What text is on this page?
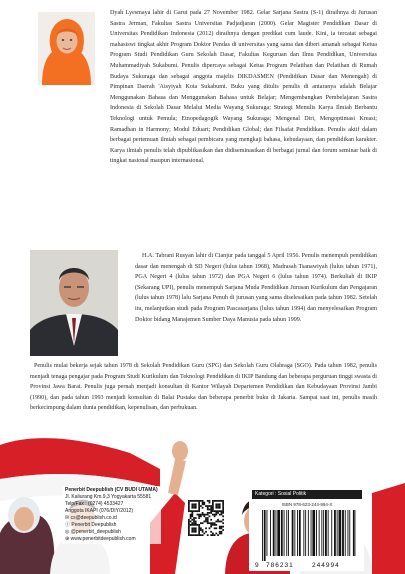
Dyah Lyesmaya lahir di Garut pada 27 November 1982. Gelar Sarjana Sastra (S-1) diraihnya di Jurusan Sastra Jerman, Fakultas Sastra Universitas Padjadjaran (2000). Gelar Magister Pendidikan Dasar di Universitas Pendidikan Indonesia (2012) diraihnya dengan predikat cum laude. Kini, ia tercatat sebagai mahasiswi tingkat akhir Program Doktor Pendas di universitas yang sama dan diberi amanah sebagai Ketua Program Studi Pendidikan Guru Sekolah Dasar, Fakultas Keguruan dan Ilmu Pendidikan, Universitas Muhammadiyah Sukabumi. Penulis dipercaya sebagai Ketua Program Pelatihan dan Pelatihan di Rumah Budaya Sukuraga dan sebagai anggota majelis DIKDASMEN (Pendidikan Dasar dan Menengah) di Pimpinan Daerah 'Aisyiyah Kota Sukabumi. Buku yang ditulis penulis di antaranya adalah Belajar Menggunakan Bahasa dan Menggunakan Bahasa untuk Belajar; Mengembangkan Pembelajaran Sastra Indonesia di Sekolah Dasar Melalui Media Wayang Sukuraga; Strategi Menulis Karya Ilmiah Berbantu Teknologi untuk Pemula; Etnopedagogik Wayang Sukuraga; Mengenal Diri, Mengoptimasi Kreasi; Ramadhan in Harmony; Modul Eduart; Pendidikan Global; dan Filsafat Pendidikan. Penulis aktif dalam berbagai pertemuan ilmiah sebagai pembicara yang mengkaji bahasa, kebudayaan, dan pendidikan karakter. Karya ilmiah penulis telah dipublikasikan dan didiseminasikan di berbagai jurnal dan forum seminar baik di tingkat nasional maupun internasional.

H.A. Tabrani Rusyan lahir di Cianjur pada tanggal 5 April 1956. Penulis menempuh pendidikan dasar dan menengah di SD Negeri (lulus tahun 1968), Madrasah Tsanawiyah (lulus tahun 1971), PGA Negeri 4 (lulus tahun 1972) dan PGA Negeri 6 (lulus tahun 1974). Berkuliah di IKIP (Sekarang UPI), penulis menempuh Sarjana Muda Pendidikan Jurusan Kurikulum dan Pengajaran (lulus tahun 1978) lalu Sarjana Penuh di jurusan yang sama diselesaikan pada tahun 1982. Setelah itu, melanjutkan studi pada Program Pascasarjana (lulus tahun 1994) dan menyelesaikan Program Doktor bidang Manajemen Sumber Daya Manusia pada tahun 1999.

Penulis mulai bekerja sejak tahun 1978 di Sekolah Pendidikan Guru (SPG) dan Sekolah Guru Olahraga (SGO). Pada tahun 1982, penulis menjadi tenaga pengajar pada Program Studi Kurikulum dan Teknologi Pendidikan di IKIP Bandung dan beberapa perguruan tinggi swasta di Provinsi Jawa Barat. Penulis juga pernah menjadi konsultan di Kantor Wilayah Departemen Pendidikan dan Kebudayaan Provinsi Jambi (1990), dan pada tahun 1993 menjadi konsultan di Balai Pustaka dan beberapa penerbit buku di Jakarta. Sampai saat ini, penulis masih berkecimpung dalam dunia pendidikan, kepenulisan, dan perbukuan.

Penerbit Deepublish (CV BUDI UTAMA)
Jl. Kaliurang Km.9,3 Yogyakarta 55581
Telp/Fax : (0274) 4533427
Anggota IKAPI (076/DIY/2012)
✉ cs@deepublish.co.id
ⓕ Penerbit Deepublish
◎ @penerbit_deepublish
⊕ www.penerbitdeepublish.com
Kategori : Sosial Politik
ISBN 978-623-244-994-X
9 786231	244994
